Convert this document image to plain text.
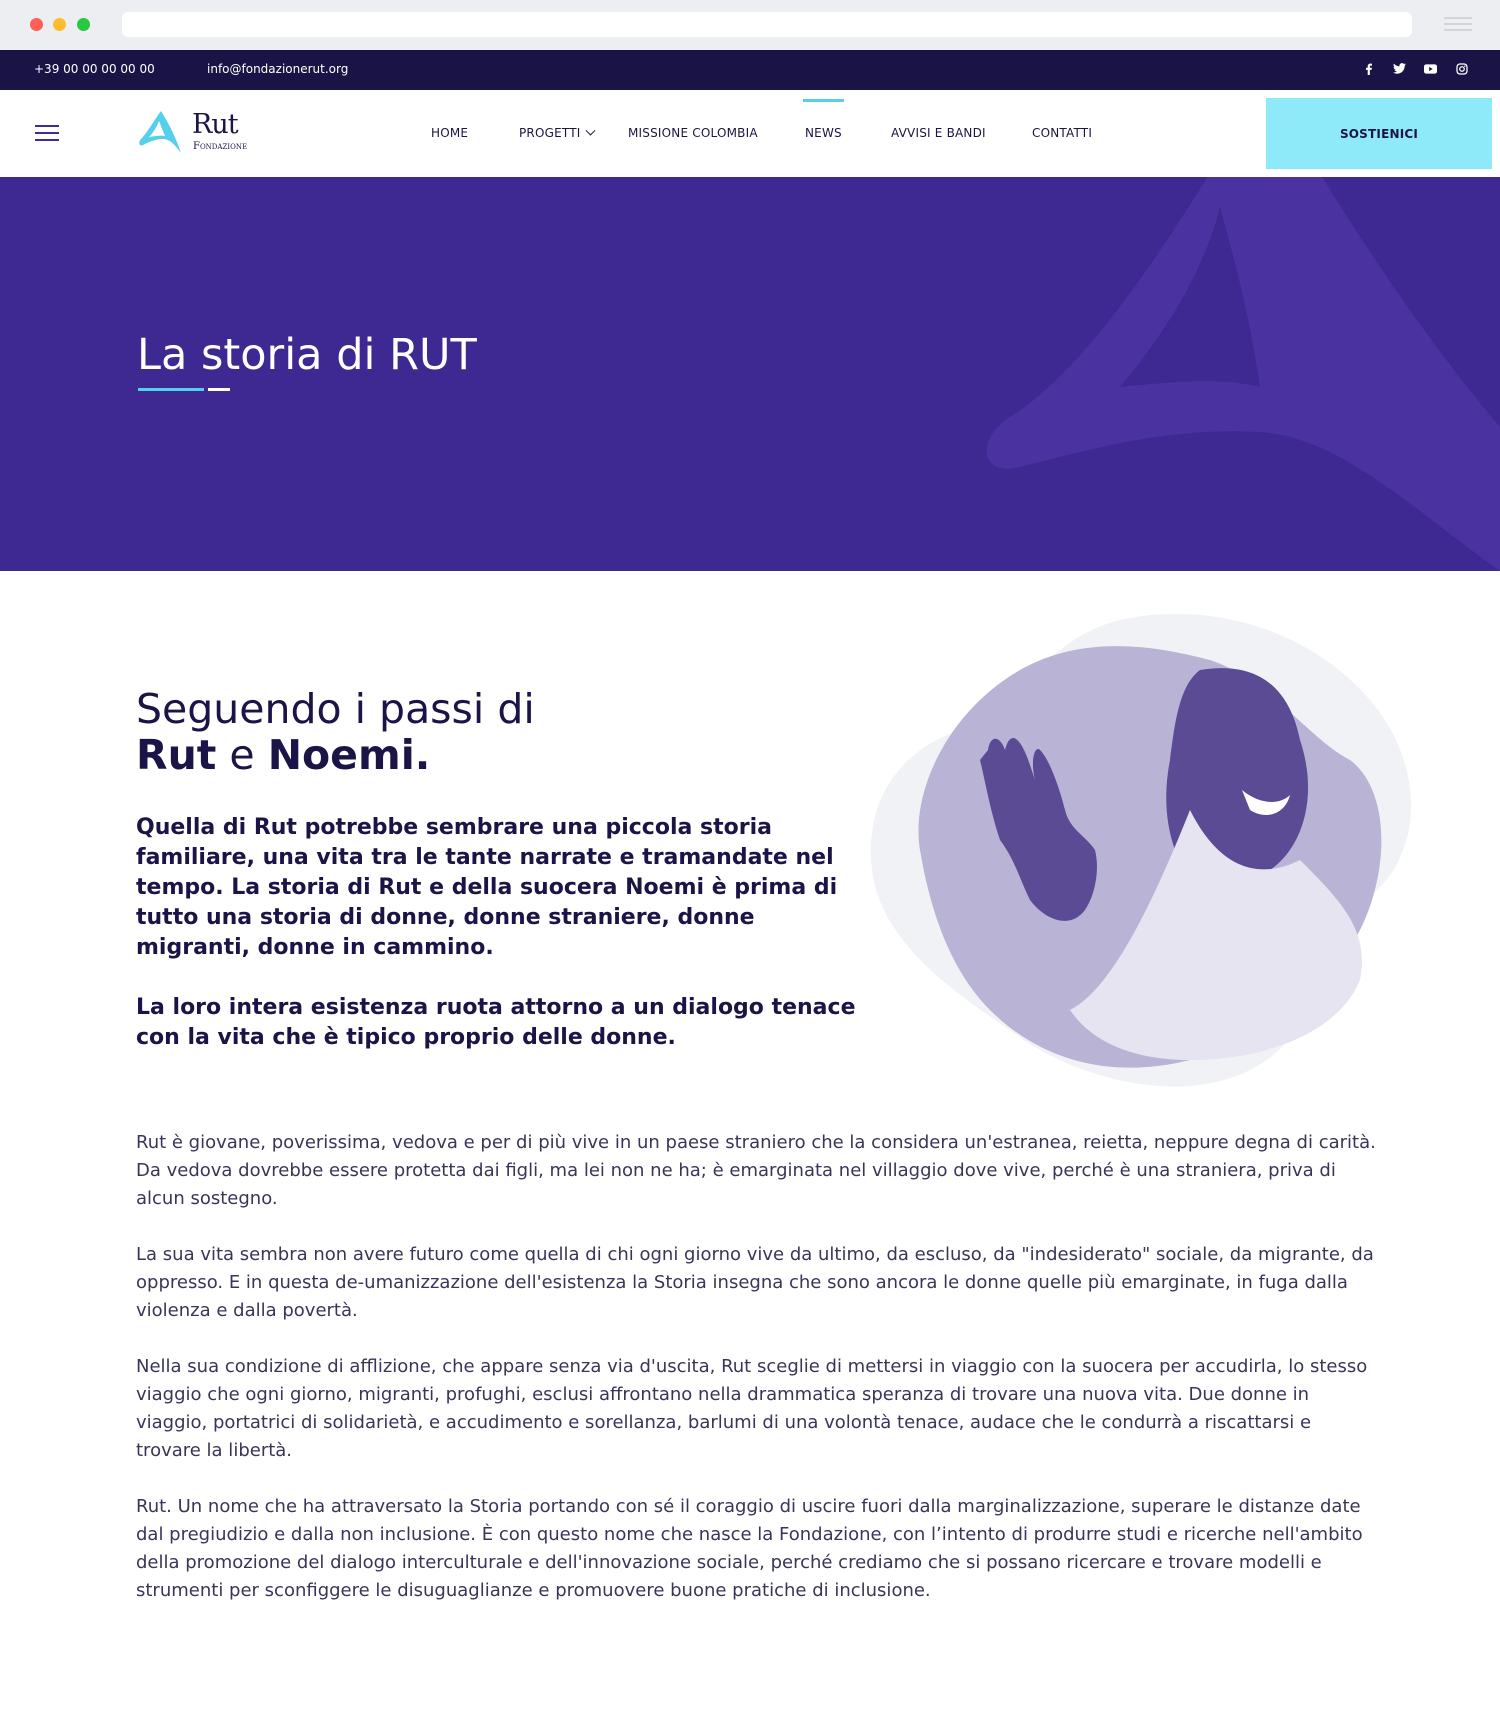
+39 00 00 00 00 00	info@fondazionerut.org
Rut
Fondazione
HOME	PROGETTI	MISSIONE COLOMBIA	NEWS	AVVISI E BANDI	CONTATTI	SOSTIENICI
La storia di RUT
Seguendo i passi di
Rut e Noemi.

Quella di Rut potrebbe sembrare una piccola storia familiare, una vita tra le tante narrate e tramandate nel tempo. La storia di Rut e della suocera Noemi è prima di tutto una storia di donne, donne straniere, donne migranti, donne in cammino.

La loro intera esistenza ruota attorno a un dialogo tenace con la vita che è tipico proprio delle donne.

Rut è giovane, poverissima, vedova e per di più vive in un paese straniero che la considera un'estranea, reietta, neppure degna di carità. Da vedova dovrebbe essere protetta dai figli, ma lei non ne ha; è emarginata nel villaggio dove vive, perché è una straniera, priva di alcun sostegno.

La sua vita sembra non avere futuro come quella di chi ogni giorno vive da ultimo, da escluso, da "indesiderato" sociale, da migrante, da oppresso. E in questa de-umanizzazione dell'esistenza la Storia insegna che sono ancora le donne quelle più emarginate, in fuga dalla violenza e dalla povertà.

Nella sua condizione di afflizione, che appare senza via d'uscita, Rut sceglie di mettersi in viaggio con la suocera per accudirla, lo stesso viaggio che ogni giorno, migranti, profughi, esclusi affrontano nella drammatica speranza di trovare una nuova vita. Due donne in viaggio, portatrici di solidarietà, e accudimento e sorellanza, barlumi di una volontà tenace, audace che le condurrà a riscattarsi e trovare la libertà.

Rut. Un nome che ha attraversato la Storia portando con sé il coraggio di uscire fuori dalla marginalizzazione, superare le distanze date dal pregiudizio e dalla non inclusione. È con questo nome che nasce la Fondazione, con l’intento di produrre studi e ricerche nell'ambito della promozione del dialogo interculturale e dell'innovazione sociale, perché crediamo che si possano ricercare e trovare modelli e strumenti per sconfiggere le disuguaglianze e promuovere buone pratiche di inclusione.
